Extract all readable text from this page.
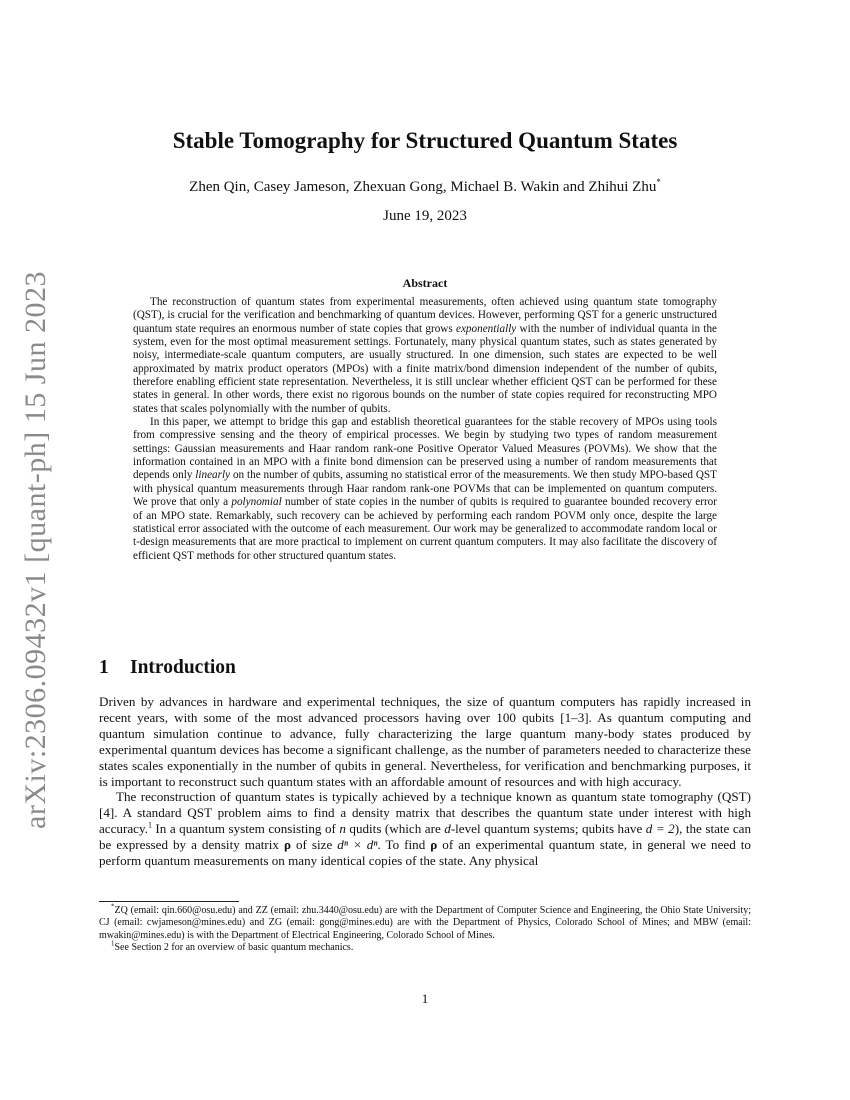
arXiv:2306.09432v1 [quant-ph] 15 Jun 2023
Stable Tomography for Structured Quantum States
Zhen Qin, Casey Jameson, Zhexuan Gong, Michael B. Wakin and Zhihui Zhu*
June 19, 2023
Abstract

The reconstruction of quantum states from experimental measurements, often achieved using quantum state tomography (QST), is crucial for the verification and benchmarking of quantum devices. However, performing QST for a generic unstructured quantum state requires an enormous number of state copies that grows exponentially with the number of individual quanta in the system, even for the most optimal measurement settings. Fortunately, many physical quantum states, such as states generated by noisy, intermediate-scale quantum computers, are usually structured. In one dimension, such states are expected to be well approximated by matrix product operators (MPOs) with a finite matrix/bond dimension independent of the number of qubits, therefore enabling efficient state representation. Nevertheless, it is still unclear whether efficient QST can be performed for these states in general. In other words, there exist no rigorous bounds on the number of state copies required for reconstructing MPO states that scales polynomially with the number of qubits.

In this paper, we attempt to bridge this gap and establish theoretical guarantees for the stable recovery of MPOs using tools from compressive sensing and the theory of empirical processes. We begin by studying two types of random measurement settings: Gaussian measurements and Haar random rank-one Positive Operator Valued Measures (POVMs). We show that the information contained in an MPO with a finite bond dimension can be preserved using a number of random measurements that depends only linearly on the number of qubits, assuming no statistical error of the measurements. We then study MPO-based QST with physical quantum measurements through Haar random rank-one POVMs that can be implemented on quantum computers. We prove that only a polynomial number of state copies in the number of qubits is required to guarantee bounded recovery error of an MPO state. Remarkably, such recovery can be achieved by performing each random POVM only once, despite the large statistical error associated with the outcome of each measurement. Our work may be generalized to accommodate random local or t-design measurements that are more practical to implement on current quantum computers. It may also facilitate the discovery of efficient QST methods for other structured quantum states.

1 Introduction

Driven by advances in hardware and experimental techniques, the size of quantum computers has rapidly increased in recent years, with some of the most advanced processors having over 100 qubits [1–3]. As quantum computing and quantum simulation continue to advance, fully characterizing the large quantum many-body states produced by experimental quantum devices has become a significant challenge, as the number of parameters needed to characterize these states scales exponentially in the number of qubits in general. Nevertheless, for verification and benchmarking purposes, it is important to reconstruct such quantum states with an affordable amount of resources and with high accuracy.

The reconstruction of quantum states is typically achieved by a technique known as quantum state tomography (QST) [4]. A standard QST problem aims to find a density matrix that describes the quantum state under interest with high accuracy.$^1$ In a quantum system consisting of n qudits (which are d-level quantum systems; qubits have d = 2), the state can be expressed by a density matrix ρ of size dⁿ × dⁿ. To find ρ of an experimental quantum state, in general we need to perform quantum measurements on many identical copies of the state. Any physical

*ZQ (email: qin.660@osu.edu) and ZZ (email: zhu.3440@osu.edu) are with the Department of Computer Science and Engineering, the Ohio State University; CJ (email: cwjameson@mines.edu) and ZG (email: gong@mines.edu) are with the Department of Physics, Colorado School of Mines; and MBW (email: mwakin@mines.edu) is with the Department of Electrical Engineering, Colorado School of Mines.

$^1$See Section 2 for an overview of basic quantum mechanics.

1
